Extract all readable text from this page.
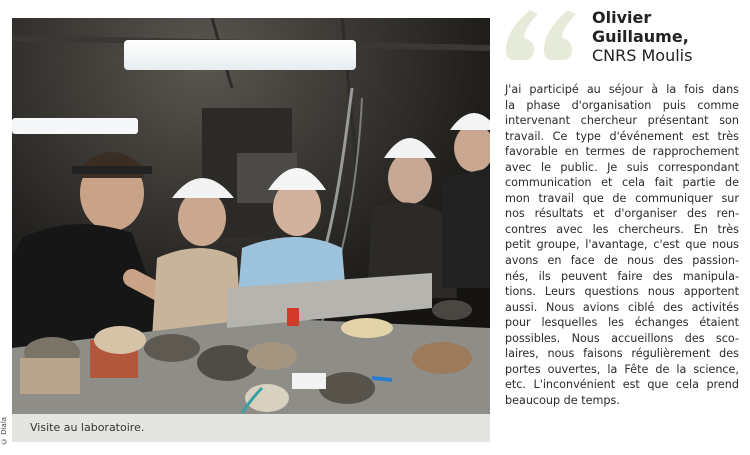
© Diala Visite au laboratoire.
Olivier
Guillaume,
CNRS Moulis
J'ai participé au séjour à la fois dans
la phase d'organisation puis comme
intervenant chercheur présentant son
travail. Ce type d'événement est très
favorable en termes de rapprochement
avec le public. Je suis correspondant
communication et cela fait partie de
mon travail que de communiquer sur
nos résultats et d'organiser des ren-
contres avec les chercheurs. En très
petit groupe, l'avantage, c'est que nous
avons en face de nous des passion-
nés, ils peuvent faire des manipula-
tions. Leurs questions nous apportent
aussi. Nous avions ciblé des activités
pour lesquelles les échanges étaient
possibles. Nous accueillons des sco-
laires, nous faisons régulièrement des
portes ouvertes, la Fête de la science,
etc. L'inconvénient est que cela prend
beaucoup de temps.
